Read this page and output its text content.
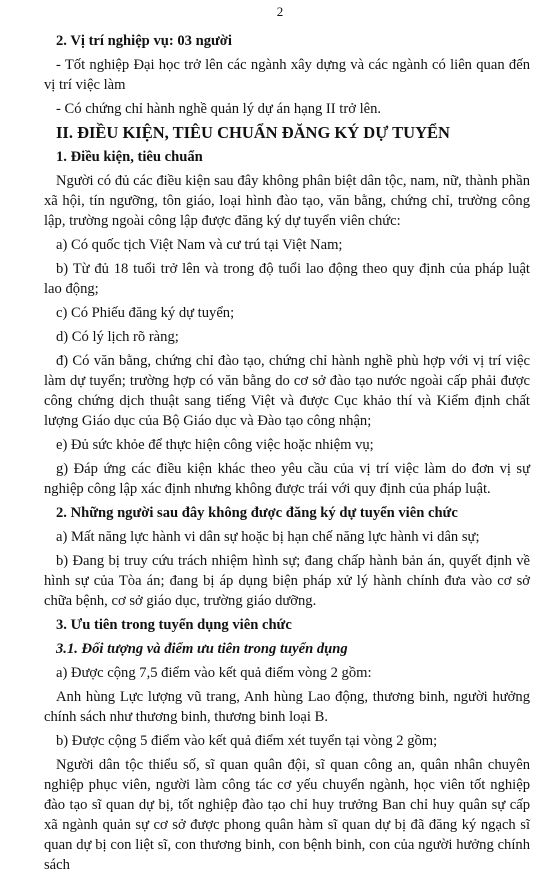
2

2. Vị trí nghiệp vụ: 03 người

- Tốt nghiệp Đại học trở lên các ngành xây dựng và các ngành có liên quan đến vị trí việc làm

- Có chứng chỉ hành nghề quản lý dự án hạng II trở lên.

II. ĐIỀU KIỆN, TIÊU CHUẨN ĐĂNG KÝ DỰ TUYỂN

1. Điều kiện, tiêu chuẩn

Người có đủ các điều kiện sau đây không phân biệt dân tộc, nam, nữ, thành phần xã hội, tín ngưỡng, tôn giáo, loại hình đào tạo, văn bằng, chứng chỉ, trường công lập, trường ngoài công lập được đăng ký dự tuyển viên chức:

a) Có quốc tịch Việt Nam và cư trú tại Việt Nam;

b) Từ đủ 18 tuổi trở lên và trong độ tuổi lao động theo quy định của pháp luật lao động;

c) Có Phiếu đăng ký dự tuyển;

d) Có lý lịch rõ ràng;

đ) Có văn bằng, chứng chỉ đào tạo, chứng chỉ hành nghề phù hợp với vị trí việc làm dự tuyển; trường hợp có văn bằng do cơ sở đào tạo nước ngoài cấp phải được công chứng dịch thuật sang tiếng Việt và được Cục khảo thí và Kiểm định chất lượng Giáo dục của Bộ Giáo dục và Đào tạo công nhận;

e) Đủ sức khỏe để thực hiện công việc hoặc nhiệm vụ;

g) Đáp ứng các điều kiện khác theo yêu cầu của vị trí việc làm do đơn vị sự nghiệp công lập xác định nhưng không được trái với quy định của pháp luật.

2. Những người sau đây không được đăng ký dự tuyển viên chức

a) Mất năng lực hành vi dân sự hoặc bị hạn chế năng lực hành vi dân sự;

b) Đang bị truy cứu trách nhiệm hình sự; đang chấp hành bản án, quyết định về hình sự của Tòa án; đang bị áp dụng biện pháp xử lý hành chính đưa vào cơ sở chữa bệnh, cơ sở giáo dục, trường giáo dưỡng.

3. Ưu tiên trong tuyển dụng viên chức

3.1. Đối tượng và điểm ưu tiên trong tuyển dụng

a) Được cộng 7,5 điểm vào kết quả điểm vòng 2 gồm:

Anh hùng Lực lượng vũ trang, Anh hùng Lao động, thương binh, người hưởng chính sách như thương binh, thương binh loại B.

b) Được cộng 5 điểm vào kết quả điểm xét tuyển tại vòng 2 gồm;

Người dân tộc thiểu số, sĩ quan quân đội, sĩ quan công an, quân nhân chuyên nghiệp phục viên, người làm công tác cơ yếu chuyển ngành, học viên tốt nghiệp đào tạo sĩ quan dự bị, tốt nghiệp đào tạo chỉ huy trưởng Ban chỉ huy quân sự cấp xã ngành quản sự cơ sở được phong quân hàm sĩ quan dự bị đã đăng ký ngạch sĩ quan dự bị con liệt sĩ, con thương binh, con bệnh binh, con của người hưởng chính sách
